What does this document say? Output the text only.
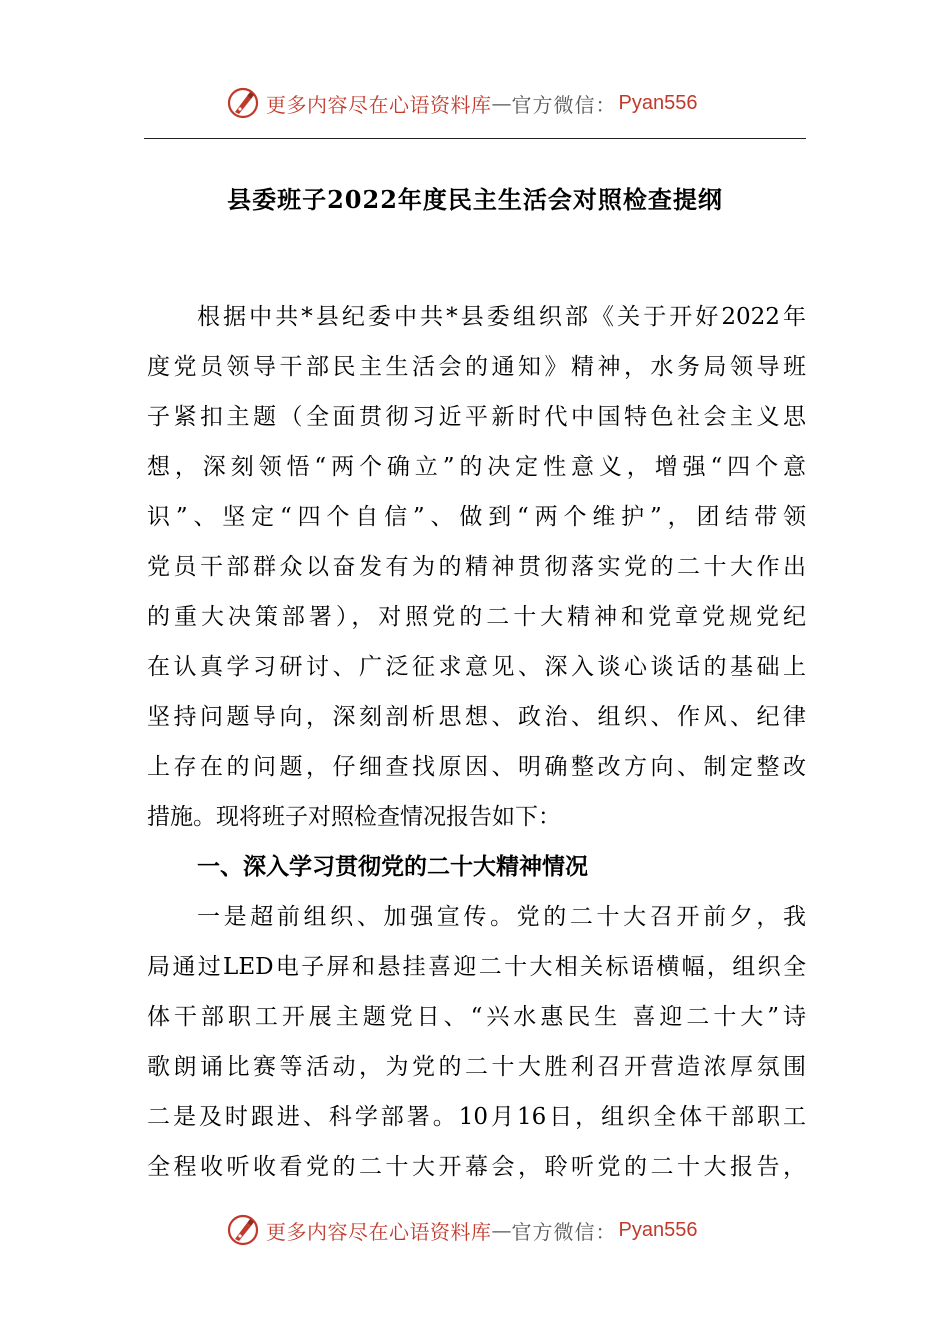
更多内容尽在心语资料库 — 官方微信： Pyan556
县委班子2022年度民主生活会对照检查提纲
根据中共*县纪委中共*县委组织部《关于开好2022年
度党员领导干部民主生活会的通知》精神，水务局领导班
子紧扣主题（全面贯彻习近平新时代中国特色社会主义思
想，深刻领悟“两个确立”的决定性意义，增强“四个意
识”、坚定“四个自信”、做到“两个维护”，团结带领
党员干部群众以奋发有为的精神贯彻落实党的二十大作出
的重大决策部署），对照党的二十大精神和党章党规党纪
在认真学习研讨、广泛征求意见、深入谈心谈话的基础上
坚持问题导向，深刻剖析思想、政治、组织、作风、纪律
上存在的问题，仔细查找原因、明确整改方向、制定整改
措施。现将班子对照检查情况报告如下：
一、深入学习贯彻党的二十大精神情况
一是超前组织、加强宣传。党的二十大召开前夕，我
局通过LED电子屏和悬挂喜迎二十大相关标语横幅，组织全
体干部职工开展主题党日、“兴水惠民生 喜迎二十大”诗
歌朗诵比赛等活动，为党的二十大胜利召开营造浓厚氛围
二是及时跟进、科学部署。10月16日，组织全体干部职工
全程收听收看党的二十大开幕会，聆听党的二十大报告，
更多内容尽在心语资料库 — 官方微信： Pyan556
